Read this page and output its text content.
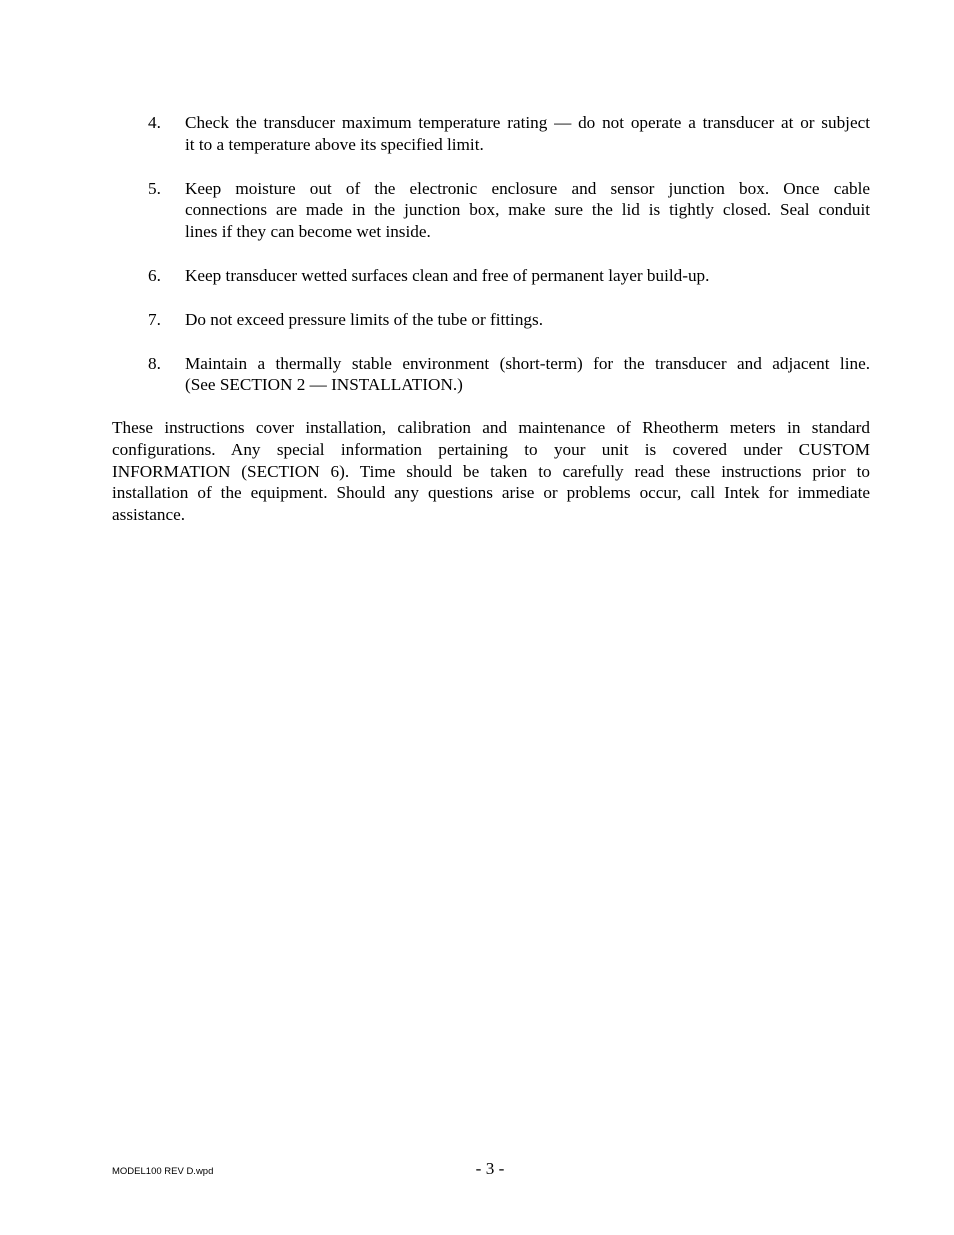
4. Check the transducer maximum temperature rating — do not operate a transducer at or subject
it to a temperature above its specified limit.
5. Keep moisture out of the electronic enclosure and sensor junction box. Once cable
connections are made in the junction box, make sure the lid is tightly closed. Seal conduit
lines if they can become wet inside.
6. Keep transducer wetted surfaces clean and free of permanent layer build-up.
7. Do not exceed pressure limits of the tube or fittings.
8. Maintain a thermally stable environment (short-term) for the transducer and adjacent line.
(See SECTION 2 — INSTALLATION.)

These instructions cover installation, calibration and maintenance of Rheotherm meters in standard
configurations. Any special information pertaining to your unit is covered under CUSTOM
INFORMATION (SECTION 6). Time should be taken to carefully read these instructions prior to
installation of the equipment. Should any questions arise or problems occur, call Intek for immediate
assistance.

MODEL100 REV D.wpd	- 3 -
